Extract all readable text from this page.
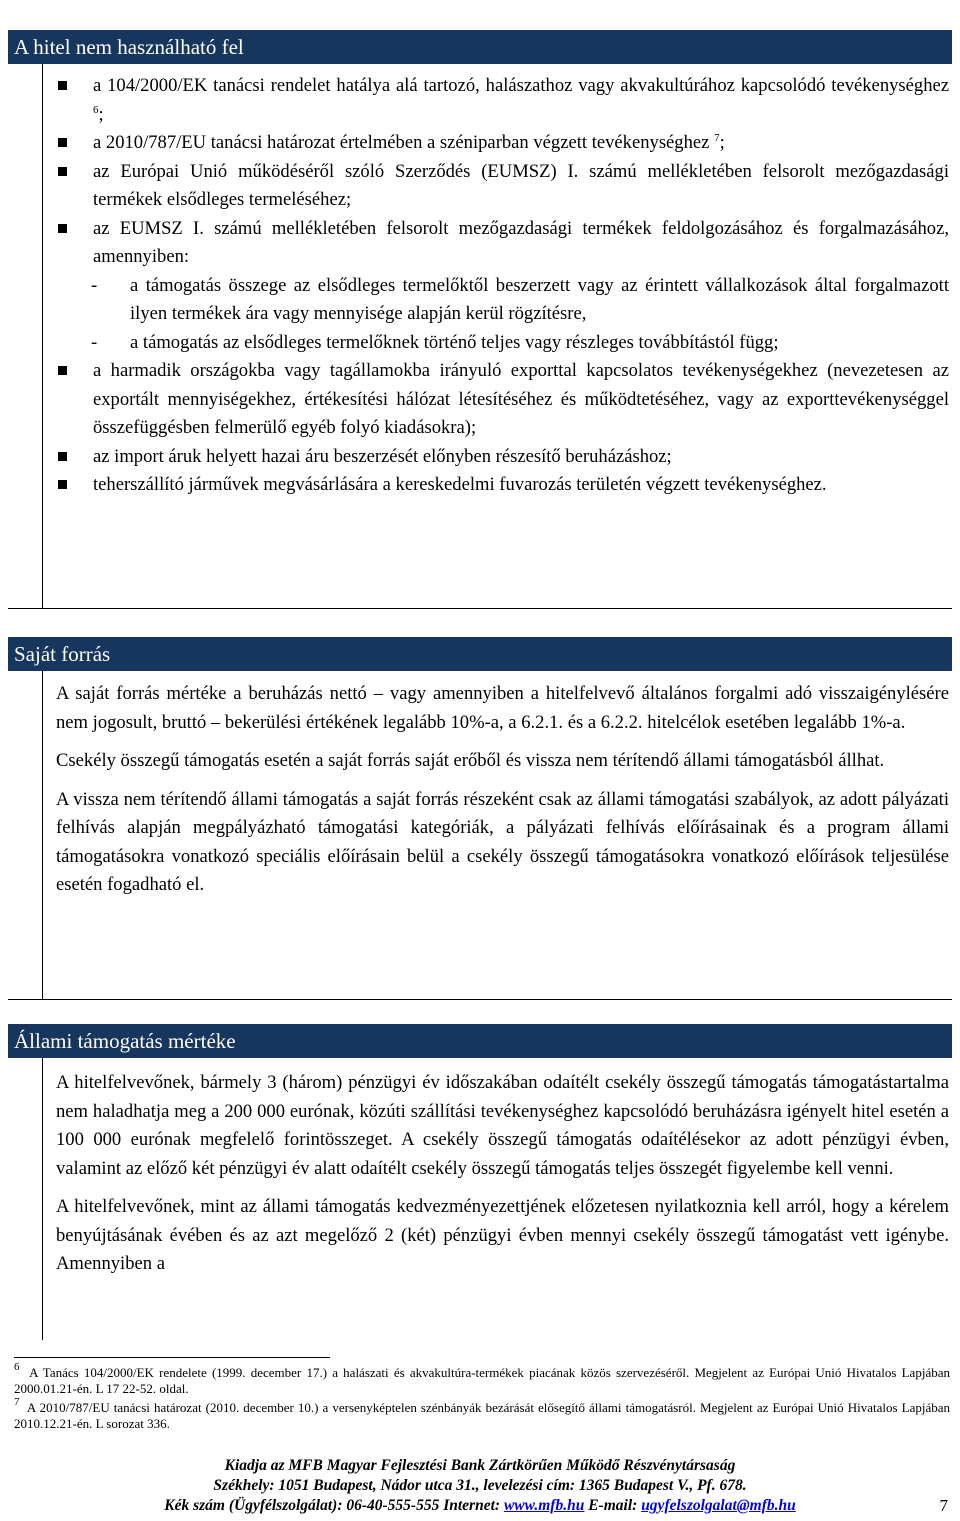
A hitel nem használható fel
a 104/2000/EK tanácsi rendelet hatálya alá tartozó, halászathoz vagy akvakultúrához kapcsolódó tevékenységhez $^6$;
a 2010/787/EU tanácsi határozat értelmében a széniparban végzett tevékenységhez $^7$;
az Európai Unió működéséről szóló Szerződés (EUMSZ) I. számú mellékletében felsorolt mezőgazdasági termékek elsődleges termeléséhez;
az EUMSZ I. számú mellékletében felsorolt mezőgazdasági termékek feldolgozásához és forgalmazásához, amennyiben:
- a támogatás összege az elsődleges termelőktől beszerzett vagy az érintett vállalkozások által forgalmazott ilyen termékek ára vagy mennyisége alapján kerül rögzítésre,
- a támogatás az elsődleges termelőknek történő teljes vagy részleges továbbítástól függ;
a harmadik országokba vagy tagállamokba irányuló exporttal kapcsolatos tevékenységekhez (nevezetesen az exportált mennyiségekhez, értékesítési hálózat létesítéséhez és működtetéséhez, vagy az exporttevékenységgel összefüggésben felmerülő egyéb folyó kiadásokra);
az import áruk helyett hazai áru beszerzését előnyben részesítő beruházáshoz;
teherszállító járművek megvásárlására a kereskedelmi fuvarozás területén végzett tevékenységhez.
Saját forrás

A saját forrás mértéke a beruházás nettó – vagy amennyiben a hitelfelvevő általános forgalmi adó visszaigénylésére nem jogosult, bruttó – bekerülési értékének legalább 10%-a, a 6.2.1. és a 6.2.2. hitelcélok esetében legalább 1%-a.

Csekély összegű támogatás esetén a saját forrás saját erőből és vissza nem térítendő állami támogatásból állhat.

A vissza nem térítendő állami támogatás a saját forrás részeként csak az állami támogatási szabályok, az adott pályázati felhívás alapján megpályázható támogatási kategóriák, a pályázati felhívás előírásainak és a program állami támogatásokra vonatkozó speciális előírásain belül a csekély összegű támogatásokra vonatkozó előírások teljesülése esetén fogadható el.

Állami támogatás mértéke

A hitelfelvevőnek, bármely 3 (három) pénzügyi év időszakában odaítélt csekély összegű támogatás támogatástartalma nem haladhatja meg a 200 000 eurónak, közúti szállítási tevékenységhez kapcsolódó beruházásra igényelt hitel esetén a 100 000 eurónak megfelelő forintösszeget. A csekély összegű támogatás odaítélésekor az adott pénzügyi évben, valamint az előző két pénzügyi év alatt odaítélt csekély összegű támogatás teljes összegét figyelembe kell venni.

A hitelfelvevőnek, mint az állami támogatás kedvezményezettjének előzetesen nyilatkoznia kell arról, hogy a kérelem benyújtásának évében és az azt megelőző 2 (két) pénzügyi évben mennyi csekély összegű támogatást vett igénybe. Amennyiben a

$^6$ A Tanács 104/2000/EK rendelete (1999. december 17.) a halászati és akvakultúra-termékek piacának közös szervezéséről. Megjelent az Európai Unió Hivatalos Lapjában 2000.01.21-én. L 17 22-52. oldal.

$^7$ A 2010/787/EU tanácsi határozat (2010. december 10.) a versenyképtelen szénbányák bezárását elősegítő állami támogatásról. Megjelent az Európai Unió Hivatalos Lapjában 2010.12.21-én. L sorozat 336.

Kiadja az MFB Magyar Fejlesztési Bank Zártkörűen Működő Részvénytársaság
Székhely: 1051 Budapest, Nádor utca 31., levelezési cím: 1365 Budapest V., Pf. 678.
Kék szám (Ügyfélszolgálat): 06-40-555-555 Internet: www.mfb.hu E-mail: ugyfelszolgalat@mfb.hu	7
